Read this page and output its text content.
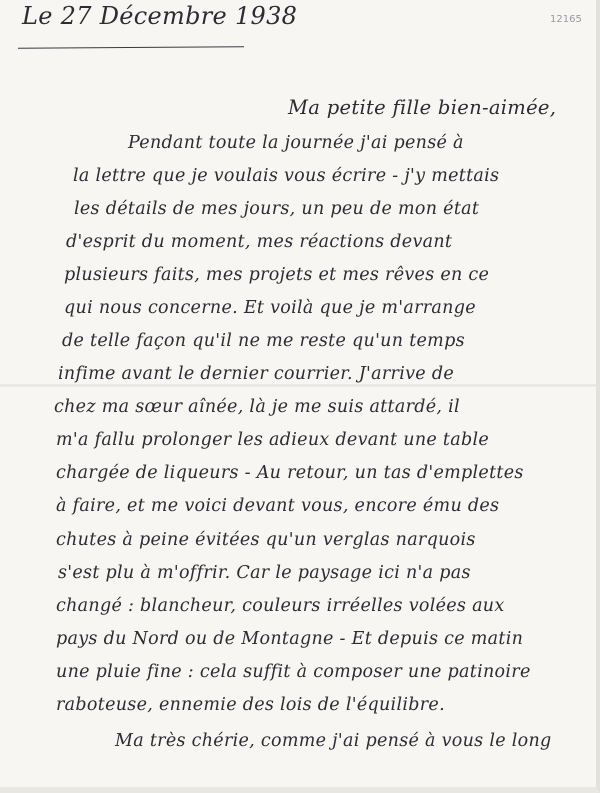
Le 27 Décembre 1938	12165
Ma petite fille bien-aimée,
Pendant toute la journée j'ai pensé à
la lettre que je voulais vous écrire - j'y mettais
les détails de mes jours, un peu de mon état
d'esprit du moment, mes réactions devant
plusieurs faits, mes projets et mes rêves en ce
qui nous concerne. Et voilà que je m'arrange
de telle façon qu'il ne me reste qu'un temps
infime avant le dernier courrier. J'arrive de
chez ma sœur aînée, là je me suis attardé, il
m'a fallu prolonger les adieux devant une table
chargée de liqueurs - Au retour, un tas d'emplettes
à faire, et me voici devant vous, encore ému des
chutes à peine évitées qu'un verglas narquois
s'est plu à m'offrir. Car le paysage ici n'a pas
changé : blancheur, couleurs irréelles volées aux
pays du Nord ou de Montagne - Et depuis ce matin
une pluie fine : cela suffit à composer une patinoire
raboteuse, ennemie des lois de l'équilibre.
Ma très chérie, comme j'ai pensé à vous le long
